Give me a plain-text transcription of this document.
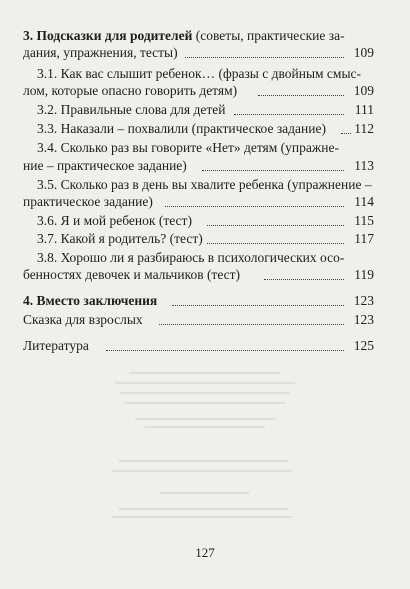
3. Подсказки для родителей (советы, практические за-
дания, упражнения, тесты)	109
3.1. Как вас слышит ребенок… (фразы с двойным смыс-
лом, которые опасно говорить детям)	109
3.2. Правильные слова для детей	111
3.3. Наказали – похвалили (практическое задание) 112
3.4. Сколько раз вы говорите «Нет» детям (упражне-
ние – практическое задание)	113
3.5. Сколько раз в день вы хвалите ребенка (упражнение –
практическое задание)	114
3.6. Я и мой ребенок (тест)	115
3.7. Какой я родитель? (тест)	117
3.8. Хорошо ли я разбираюсь в психологических осо-
бенностях девочек и мальчиков (тест)	119
4. Вместо заключения	123
Сказка для взрослых	123
Литература	125
127
